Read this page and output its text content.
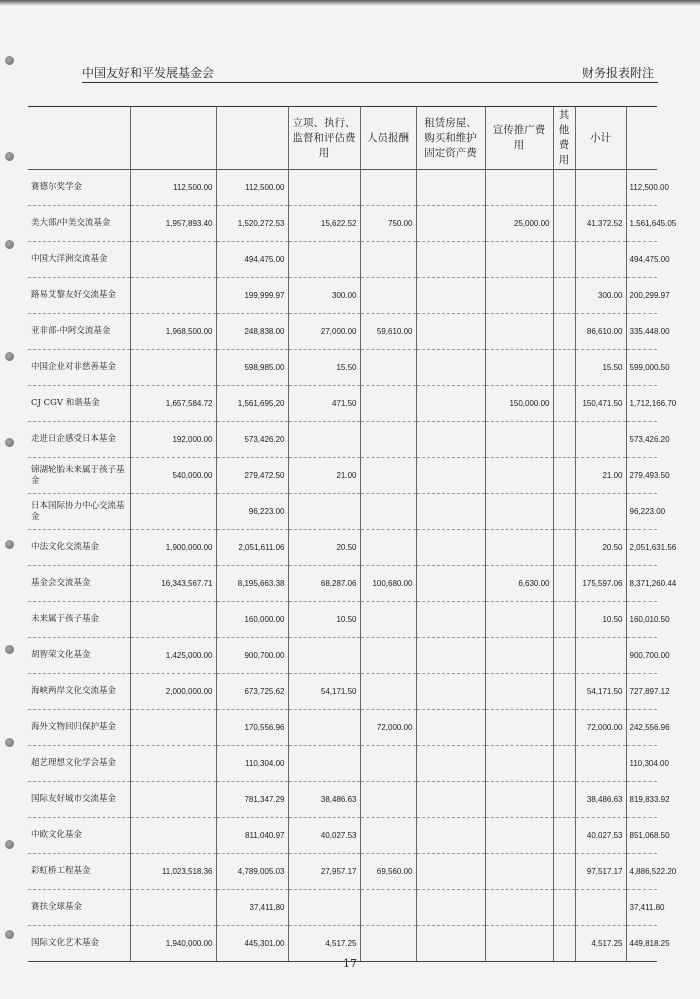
中国友好和平发展基金会	财务报表附注
			立项、执行、监督和评估费用	人员报酬	租赁房屋、购买和维护固定资产费	宣传推广费用	其他费用	小计	
赛德尔奖学金	112,500.00	112,500.00							112,500.00
美大部/中美交流基金	1,957,893.40	1,520,272.53	15,622.52	750.00		25,000.00		41,372.52	1,561,645.05
中国大洋洲交流基金		494,475.00							494,475.00
路易艾黎友好交流基金		199,999.97	300.00					300.00	200,299.97
亚非部-中阿交流基金	1,968,500.00	248,838.00	27,000.00	59,610.00				86,610.00	335,448.00
中国企业对非慈善基金		598,985.00	15.50					15.50	599,000.50
CJ CGV 和谐基金	1,657,584.72	1,561,695.20	471.50			150,000.00		150,471.50	1,712,166.70
走进日企感受日本基金	192,000.00	573,426.20							573,426.20
锦湖轮胎未来属于孩子基金	540,000.00	279,472.50	21.00					21.00	279,493.50
日本国际协力中心交流基金		96,223.00							96,223.00
中法文化交流基金	1,900,000.00	2,051,611.06	20.50					20.50	2,051,631.56
基金会交流基金	16,343,567.71	8,195,663.38	68,287.06	100,680.00		6,630.00		175,597.06	8,371,260.44
未来属于孩子基金		160,000.00	10.50					10.50	160,010.50
胡智荣文化基金	1,425,000.00	900,700.00							900,700.00
海峡两岸文化交流基金	2,000,000.00	673,725.62	54,171.50					54,171.50	727,897.12
海外文物回归保护基金		170,556.96		72,000.00				72,000.00	242,556.96
超艺理想文化学会基金		110,304.00							110,304.00
国际友好城市交流基金		781,347.29	38,486.63					38,486.63	819,833.92
中欧文化基金		811,040.97	40,027.53					40,027.53	851,068.50
彩虹桥工程基金	11,023,518.36	4,789,005.03	27,957.17	69,560.00				97,517.17	4,886,522.20
赛扶全球基金		37,411.80							37,411.80
国际文化艺术基金	1,940,000.00	445,301.00	4,517.25					4,517.25	449,818.25
17
